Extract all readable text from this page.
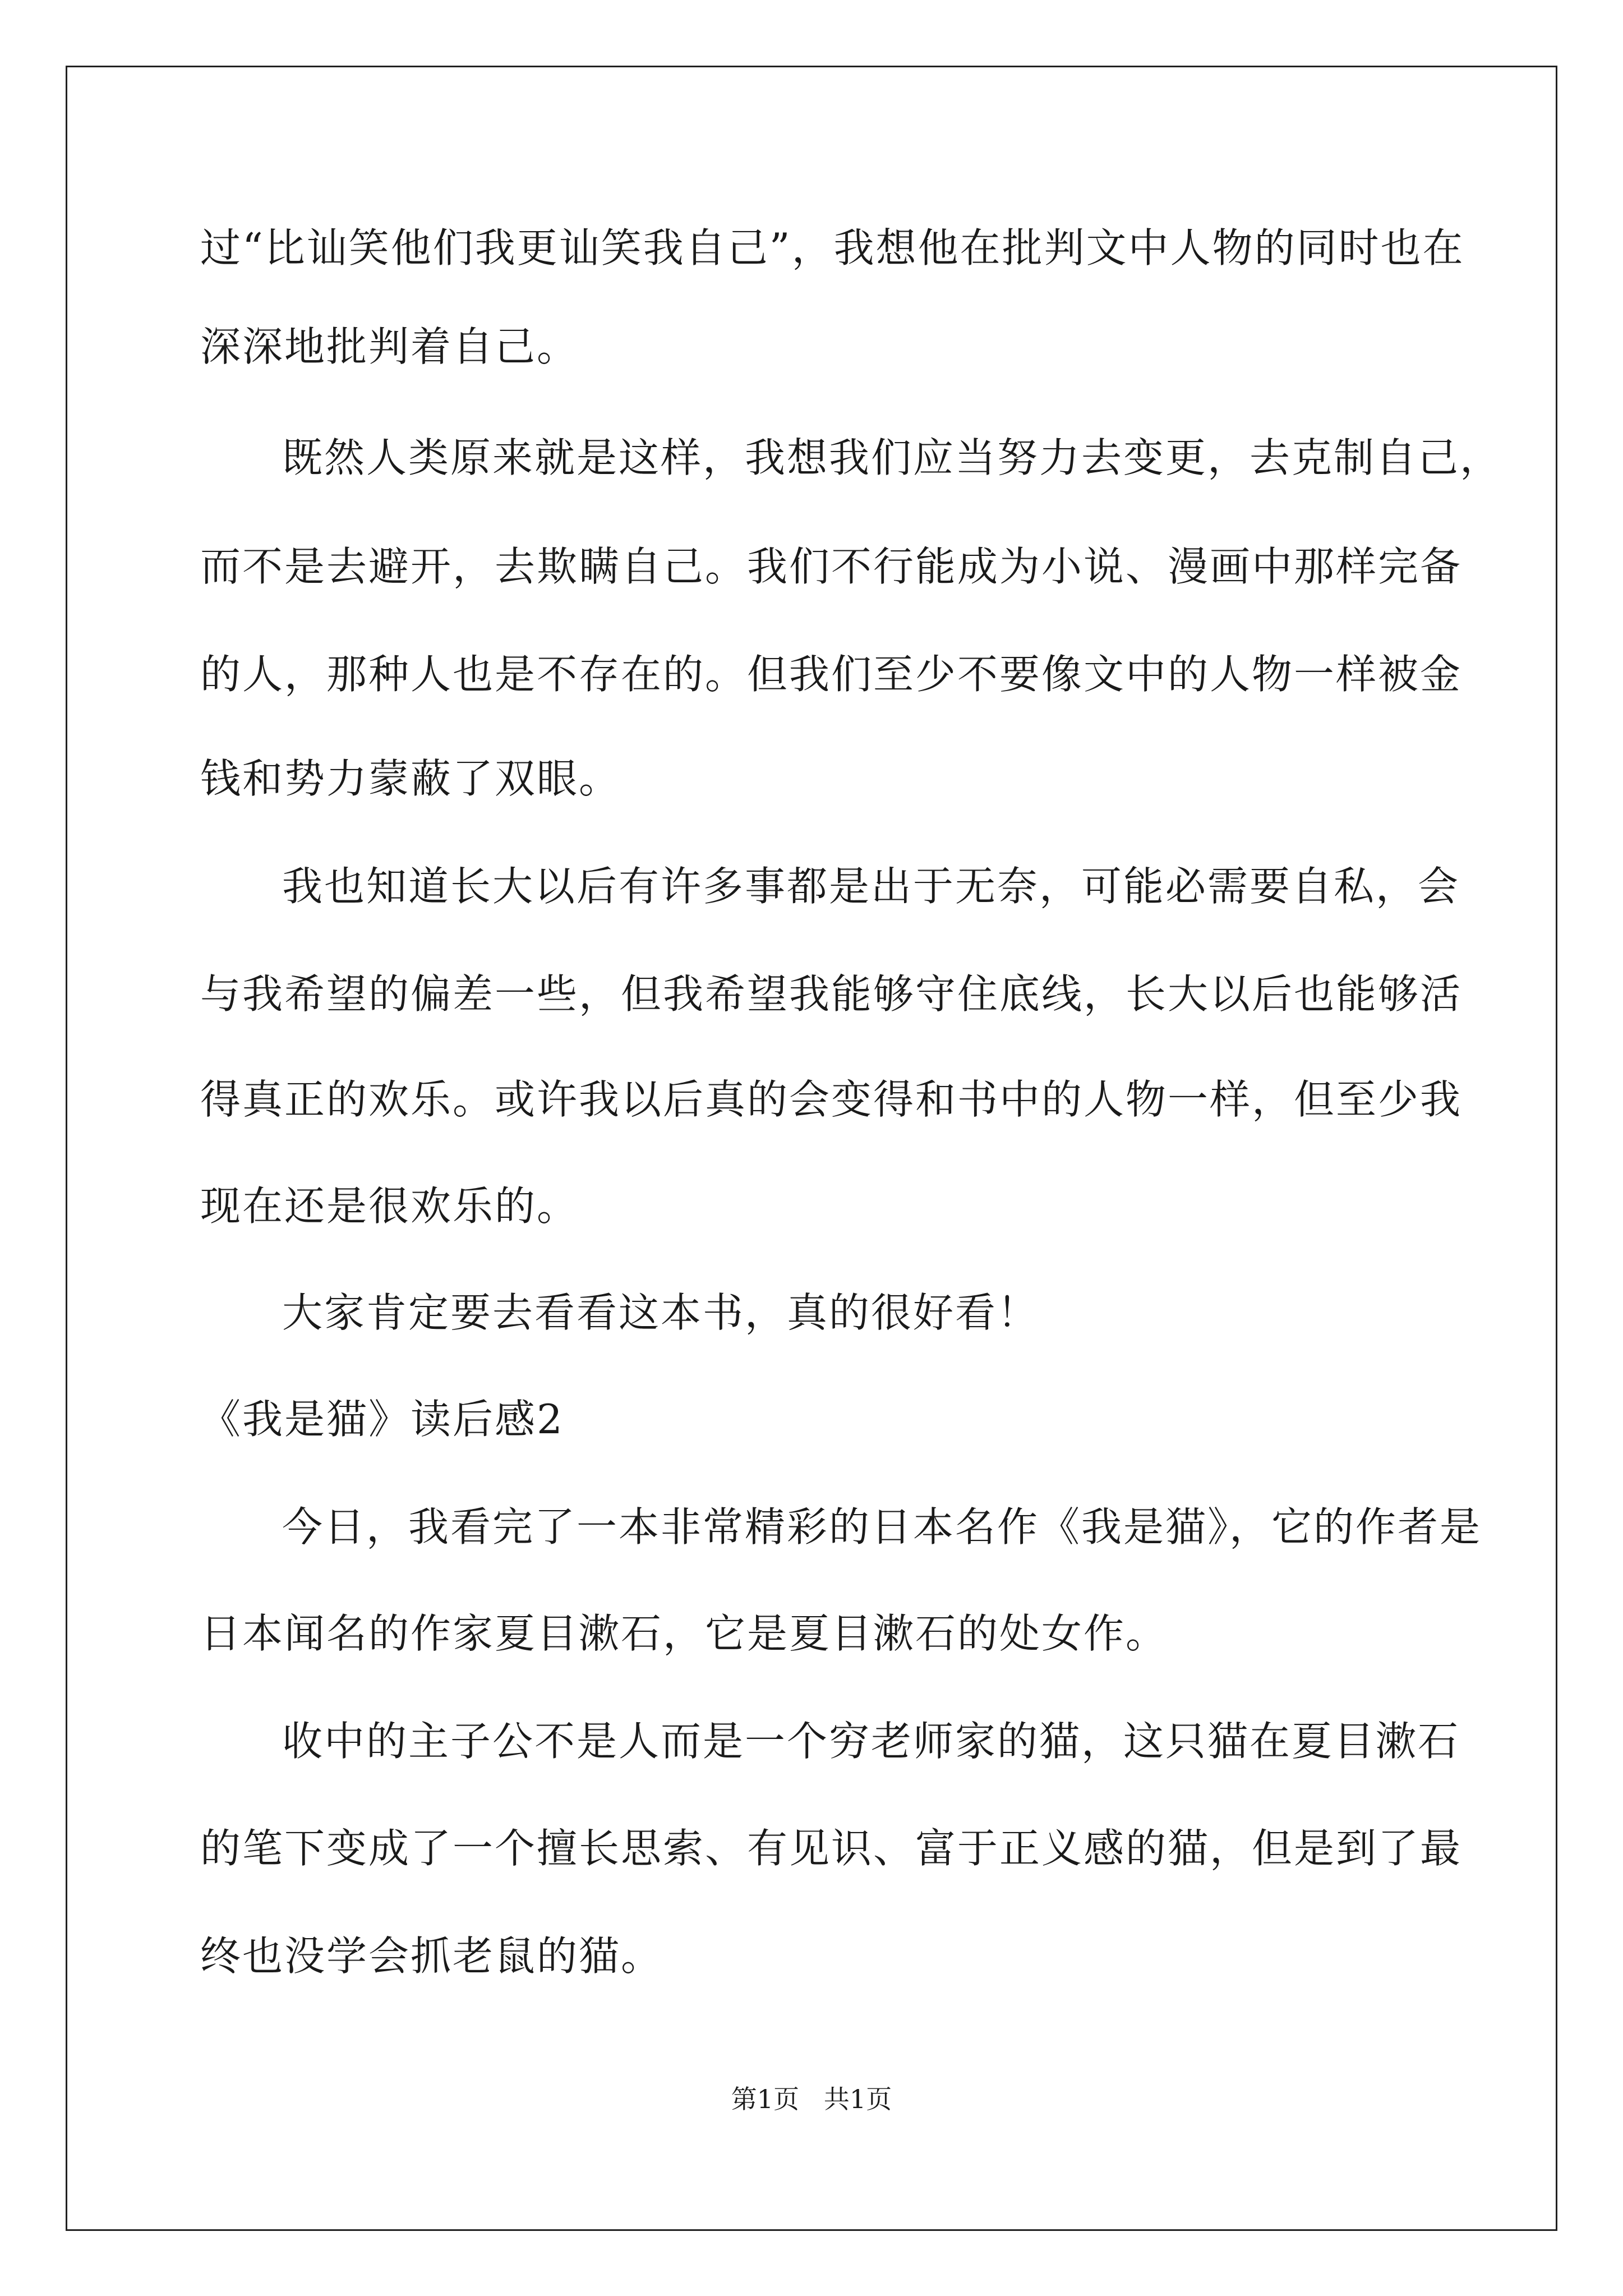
过“比讪笑他们我更讪笑我自己”，我想他在批判文中人物的同时也在
深深地批判着自己。
既然人类原来就是这样，我想我们应当努力去变更，去克制自己，
而不是去避开，去欺瞒自己。我们不行能成为小说、漫画中那样完备
的人，那种人也是不存在的。但我们至少不要像文中的人物一样被金
钱和势力蒙蔽了双眼。
我也知道长大以后有许多事都是出于无奈，可能必需要自私，会
与我希望的偏差一些，但我希望我能够守住底线，长大以后也能够活
得真正的欢乐。或许我以后真的会变得和书中的人物一样，但至少我
现在还是很欢乐的。
大家肯定要去看看这本书，真的很好看！
《我是猫》读后感2
今日，我看完了一本非常精彩的日本名作《我是猫》，它的作者是
日本闻名的作家夏目漱石，它是夏目漱石的处女作。
收中的主子公不是人而是一个穷老师家的猫，这只猫在夏目漱石
的笔下变成了一个擅长思索、有见识、富于正义感的猫，但是到了最
终也没学会抓老鼠的猫。
第1页   共1页
